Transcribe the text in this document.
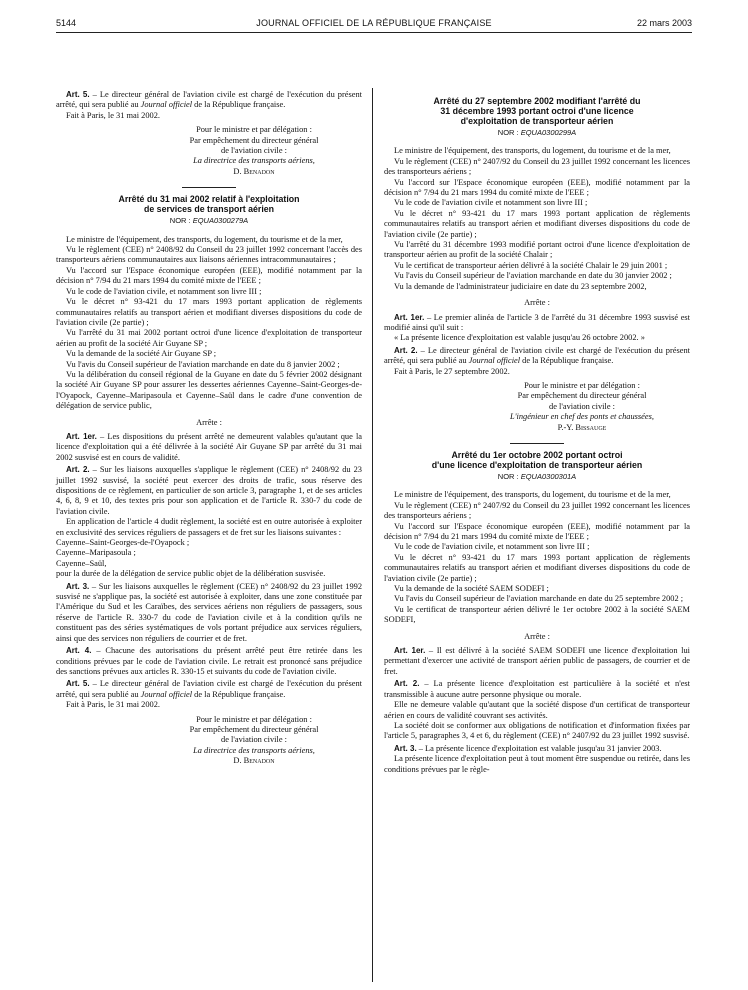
5144	JOURNAL OFFICIEL DE LA RÉPUBLIQUE FRANÇAISE	22 mars 2003

Art. 5. – Le directeur général de l'aviation civile est chargé de l'exécution du présent arrêté, qui sera publié au Journal officiel de la République française.

Fait à Paris, le 31 mai 2002.

Pour le ministre et par délégation :

Par empêchement du directeur général

de l'aviation civile :

La directrice des transports aériens,

D. Benadon

Arrêté du 31 mai 2002 relatif à l'exploitation
de services de transport aérien
NOR : EQUA0300279A

Le ministre de l'équipement, des transports, du logement, du tourisme et de la mer,

Vu le règlement (CEE) n° 2408/92 du Conseil du 23 juillet 1992 concernant l'accès des transporteurs aériens communautaires aux liaisons aériennes intracommunautaires ;

Vu l'accord sur l'Espace économique européen (EEE), modifié notamment par la décision n° 7/94 du 21 mars 1994 du comité mixte de l'EEE ;

Vu le code de l'aviation civile, et notamment son livre III ;

Vu le décret n° 93-421 du 17 mars 1993 portant application de règlements communautaires relatifs au transport aérien et modifiant diverses dispositions du code de l'aviation civile (2e partie) ;

Vu l'arrêté du 31 mai 2002 portant octroi d'une licence d'exploitation de transporteur aérien au profit de la société Air Guyane SP ;

Vu la demande de la société Air Guyane SP ;

Vu l'avis du Conseil supérieur de l'aviation marchande en date du 8 janvier 2002 ;

Vu la délibération du conseil régional de la Guyane en date du 5 février 2002 désignant la société Air Guyane SP pour assurer les dessertes aériennes Cayenne–Saint-Georges-de-l'Oyapock, Cayenne–Maripasoula et Cayenne–Saül dans le cadre d'une convention de délégation de service public,

Arrête :

Art. 1er. – Les dispositions du présent arrêté ne demeurent valables qu'autant que la licence d'exploitation qui a été délivrée à la société Air Guyane SP par arrêté du 31 mai 2002 susvisé est en cours de validité.

Art. 2. – Sur les liaisons auxquelles s'applique le règlement (CEE) n° 2408/92 du 23 juillet 1992 susvisé, la société peut exercer des droits de trafic, sous réserve des dispositions de ce règlement, en particulier de son article 3, paragraphe 1, et de ses articles 4, 6, 8, 9 et 10, des textes pris pour son application et de l'article R. 330-7 du code de l'aviation civile.

En application de l'article 4 dudit règlement, la société est en outre autorisée à exploiter en exclusivité des services réguliers de passagers et de fret sur les liaisons suivantes :

Cayenne–Saint-Georges-de-l'Oyapock ;

Cayenne–Maripasoula ;

Cayenne–Saül,

pour la durée de la délégation de service public objet de la délibération susvisée.

Art. 3. – Sur les liaisons auxquelles le règlement (CEE) n° 2408/92 du 23 juillet 1992 susvisé ne s'applique pas, la société est autorisée à exploiter, dans une zone constituée par l'Amérique du Sud et les Caraïbes, des services aériens non réguliers de passagers, sous réserve de l'article R. 330-7 du code de l'aviation civile et à la condition qu'ils ne constituent pas des séries systématiques de vols portant préjudice aux services réguliers, ainsi que des services non réguliers de courrier et de fret.

Art. 4. – Chacune des autorisations du présent arrêté peut être retirée dans les conditions prévues par le code de l'aviation civile. Le retrait est prononcé sans préjudice des sanctions prévues aux articles R. 330-15 et suivants du code de l'aviation civile.

Art. 5. – Le directeur général de l'aviation civile est chargé de l'exécution du présent arrêté, qui sera publié au Journal officiel de la République française.

Fait à Paris, le 31 mai 2002.

Pour le ministre et par délégation :

Par empêchement du directeur général

de l'aviation civile :

La directrice des transports aériens,

D. Benadon

Arrêté du 27 septembre 2002 modifiant l'arrêté du
31 décembre 1993 portant octroi d'une licence
d'exploitation de transporteur aérien
NOR : EQUA0300299A

Le ministre de l'équipement, des transports, du logement, du tourisme et de la mer,

Vu le règlement (CEE) n° 2407/92 du Conseil du 23 juillet 1992 concernant les licences des transporteurs aériens ;

Vu l'accord sur l'Espace économique européen (EEE), modifié notamment par la décision n° 7/94 du 21 mars 1994 du comité mixte de l'EEE ;

Vu le code de l'aviation civile et notamment son livre III ;

Vu le décret n° 93-421 du 17 mars 1993 portant application de règlements communautaires relatifs au transport aérien et modifiant diverses dispositions du code de l'aviation civile (2e partie) ;

Vu l'arrêté du 31 décembre 1993 modifié portant octroi d'une licence d'exploitation de transporteur aérien au profit de la société Chalair ;

Vu le certificat de transporteur aérien délivré à la société Chalair le 29 juin 2001 ;

Vu l'avis du Conseil supérieur de l'aviation marchande en date du 30 janvier 2002 ;

Vu la demande de l'administrateur judiciaire en date du 23 septembre 2002,

Arrête :

Art. 1er. – Le premier alinéa de l'article 3 de l'arrêté du 31 décembre 1993 susvisé est modifié ainsi qu'il suit :

« La présente licence d'exploitation est valable jusqu'au 26 octobre 2002. »

Art. 2. – Le directeur général de l'aviation civile est chargé de l'exécution du présent arrêté, qui sera publié au Journal officiel de la République française.

Fait à Paris, le 27 septembre 2002.

Pour le ministre et par délégation :

Par empêchement du directeur général

de l'aviation civile :

L'ingénieur en chef des ponts et chaussées,

P.-Y. Bissauge

Arrêté du 1er octobre 2002 portant octroi
d'une licence d'exploitation de transporteur aérien
NOR : EQUA0300301A

Le ministre de l'équipement, des transports, du logement, du tourisme et de la mer,

Vu le règlement (CEE) n° 2407/92 du Conseil du 23 juillet 1992 concernant les licences des transporteurs aériens ;

Vu l'accord sur l'Espace économique européen (EEE), modifié notamment par la décision n° 7/94 du 21 mars 1994 du comité mixte de l'EEE ;

Vu le code de l'aviation civile, et notamment son livre III ;

Vu le décret n° 93-421 du 17 mars 1993 portant application de règlements communautaires relatifs au transport aérien et modifiant diverses dispositions du code de l'aviation civile (2e partie) ;

Vu la demande de la société SAEM SODEFI ;

Vu l'avis du Conseil supérieur de l'aviation marchande en date du 25 septembre 2002 ;

Vu le certificat de transporteur aérien délivré le 1er octobre 2002 à la société SAEM SODEFI,

Arrête :

Art. 1er. – Il est délivré à la société SAEM SODEFI une licence d'exploitation lui permettant d'exercer une activité de transport aérien public de passagers, de courrier et de fret.

Art. 2. – La présente licence d'exploitation est particulière à la société et n'est transmissible à aucune autre personne physique ou morale.

Elle ne demeure valable qu'autant que la société dispose d'un certificat de transporteur aérien en cours de validité couvrant ses activités.

La société doit se conformer aux obligations de notification et d'information fixées par l'article 5, paragraphes 3, 4 et 6, du règlement (CEE) n° 2407/92 du 23 juillet 1992 susvisé.

Art. 3. – La présente licence d'exploitation est valable jusqu'au 31 janvier 2003.

La présente licence d'exploitation peut à tout moment être suspendue ou retirée, dans les conditions prévues par le règle-
